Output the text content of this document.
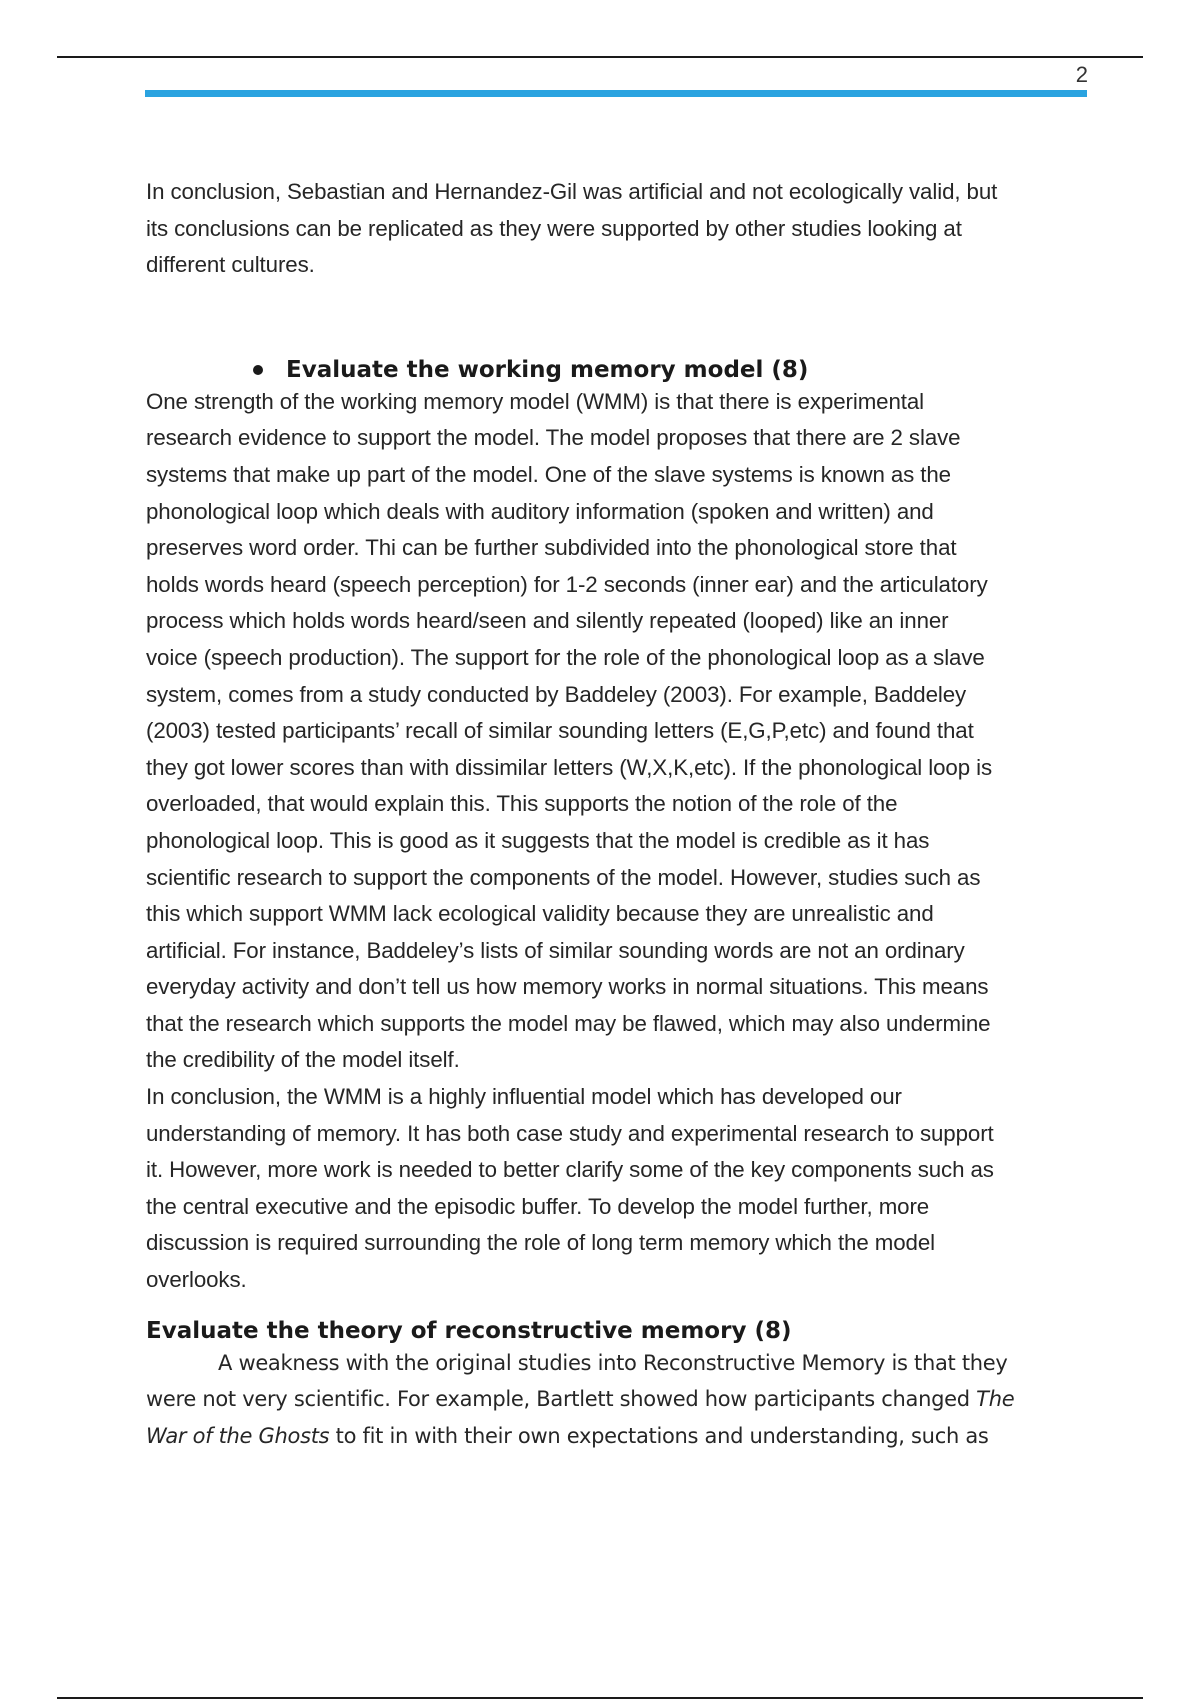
2
In conclusion, Sebastian and Hernandez-Gil was artificial and not ecologically valid, but
its conclusions can be replicated as they were supported by other studies looking at
different cultures.
Evaluate the working memory model (8)
One strength of the working memory model (WMM) is that there is experimental
research evidence to support the model. The model proposes that there are 2 slave
systems that make up part of the model. One of the slave systems is known as the
phonological loop which deals with auditory information (spoken and written) and
preserves word order. Thi can be further subdivided into the phonological store that
holds words heard (speech perception) for 1-2 seconds (inner ear) and the articulatory
process which holds words heard/seen and silently repeated (looped) like an inner
voice (speech production). The support for the role of the phonological loop as a slave
system, comes from a study conducted by Baddeley (2003). For example, Baddeley
(2003) tested participants’ recall of similar sounding letters (E,G,P,etc) and found that
they got lower scores than with dissimilar letters (W,X,K,etc). If the phonological loop is
overloaded, that would explain this. This supports the notion of the role of the
phonological loop. This is good as it suggests that the model is credible as it has
scientific research to support the components of the model. However, studies such as
this which support WMM lack ecological validity because they are unrealistic and
artificial. For instance, Baddeley’s lists of similar sounding words are not an ordinary
everyday activity and don’t tell us how memory works in normal situations. This means
that the research which supports the model may be flawed, which may also undermine
the credibility of the model itself.
In conclusion, the WMM is a highly influential model which has developed our
understanding of memory. It has both case study and experimental research to support
it. However, more work is needed to better clarify some of the key components such as
the central executive and the episodic buffer. To develop the model further, more
discussion is required surrounding the role of long term memory which the model
overlooks.
Evaluate the theory of reconstructive memory (8)
A weakness with the original studies into Reconstructive Memory is that they
were not very scientific. For example, Bartlett showed how participants changed The
War of the Ghosts to fit in with their own expectations and understanding, such as
